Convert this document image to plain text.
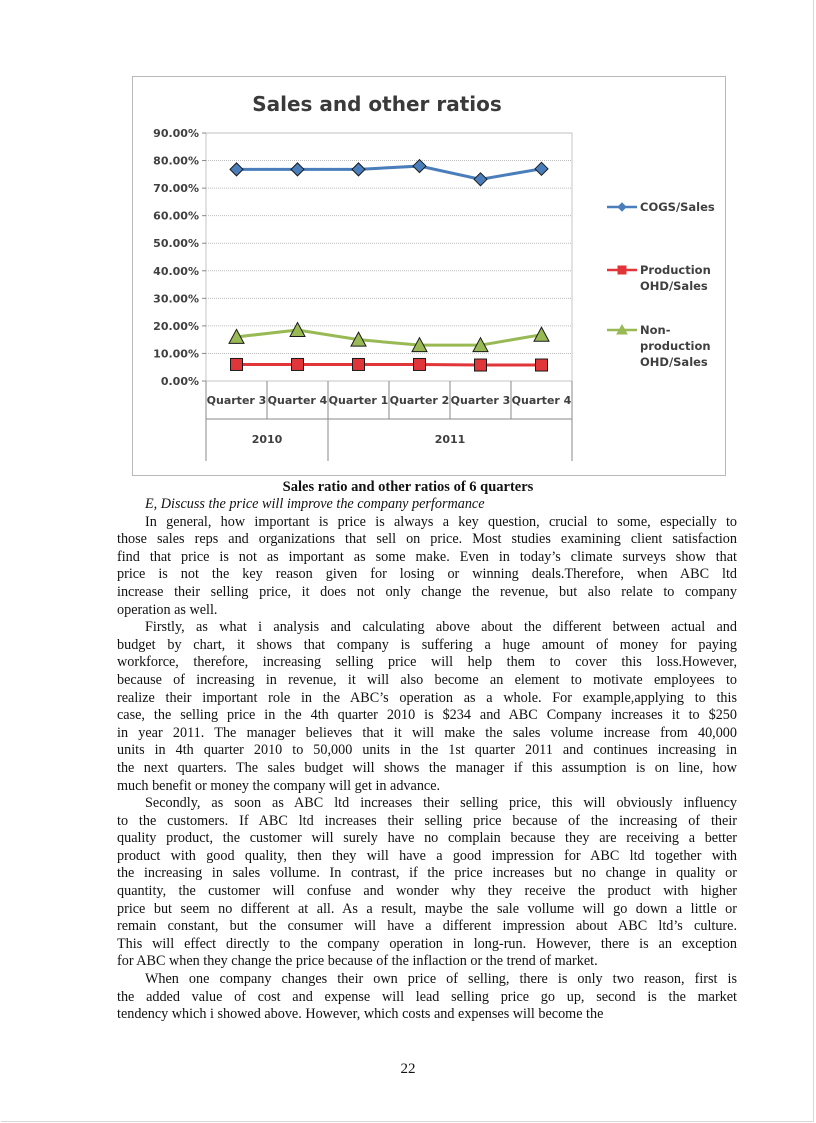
Sales and other ratios
0.00%
10.00%
20.00%
30.00%
40.00%
50.00%
60.00%
70.00%
80.00%
90.00%
Quarter 3 Quarter 4 Quarter 1 Quarter 2 Quarter 3 Quarter 4
2010	2011
COGS/Sales
Production
OHD/Sales
Non-
production
OHD/Sales
Sales ratio and other ratios of 6 quarters

E, Discuss the price will improve the company performance

In general, how important is price is always a key question, crucial to some, especially to
those sales reps and organizations that sell on price. Most studies examining client satisfaction
find that price is not as important as some make. Even in today’s climate surveys show that
price is not the key reason given for losing or winning deals.Therefore, when ABC ltd
increase their selling price, it does not only change the revenue, but also relate to company
operation as well.

Firstly, as what i analysis and calculating above about the different between actual and
budget by chart, it shows that company is suffering a huge amount of money for paying
workforce, therefore, increasing selling price will help them to cover this loss.However,
because of increasing in revenue, it will also become an element to motivate employees to
realize their important role in the ABC’s operation as a whole. For example,applying to this
case, the selling price in the 4th quarter 2010 is $234 and ABC Company increases it to $250
in year 2011. The manager believes that it will make the sales volume increase from 40,000
units in 4th quarter 2010 to 50,000 units in the 1st quarter 2011 and continues increasing in
the next quarters. The sales budget will shows the manager if this assumption is on line, how
much benefit or money the company will get in advance.

Secondly, as soon as ABC ltd increases their selling price, this will obviously influency
to the customers. If ABC ltd increases their selling price because of the increasing of their
quality product, the customer will surely have no complain because they are receiving a better
product with good quality, then they will have a good impression for ABC ltd together with
the increasing in sales vollume. In contrast, if the price increases but no change in quality or
quantity, the customer will confuse and wonder why they receive the product with higher
price but seem no different at all. As a result, maybe the sale vollume will go down a little or
remain constant, but the consumer will have a different impression about ABC ltd’s culture.
This will effect directly to the company operation in long-run. However, there is an exception
for ABC when they change the price because of the inflaction or the trend of market.

When one company changes their own price of selling, there is only two reason, first is
the added value of cost and expense will lead selling price go up, second is the market
tendency which i showed above. However, which costs and expenses will become the

22
